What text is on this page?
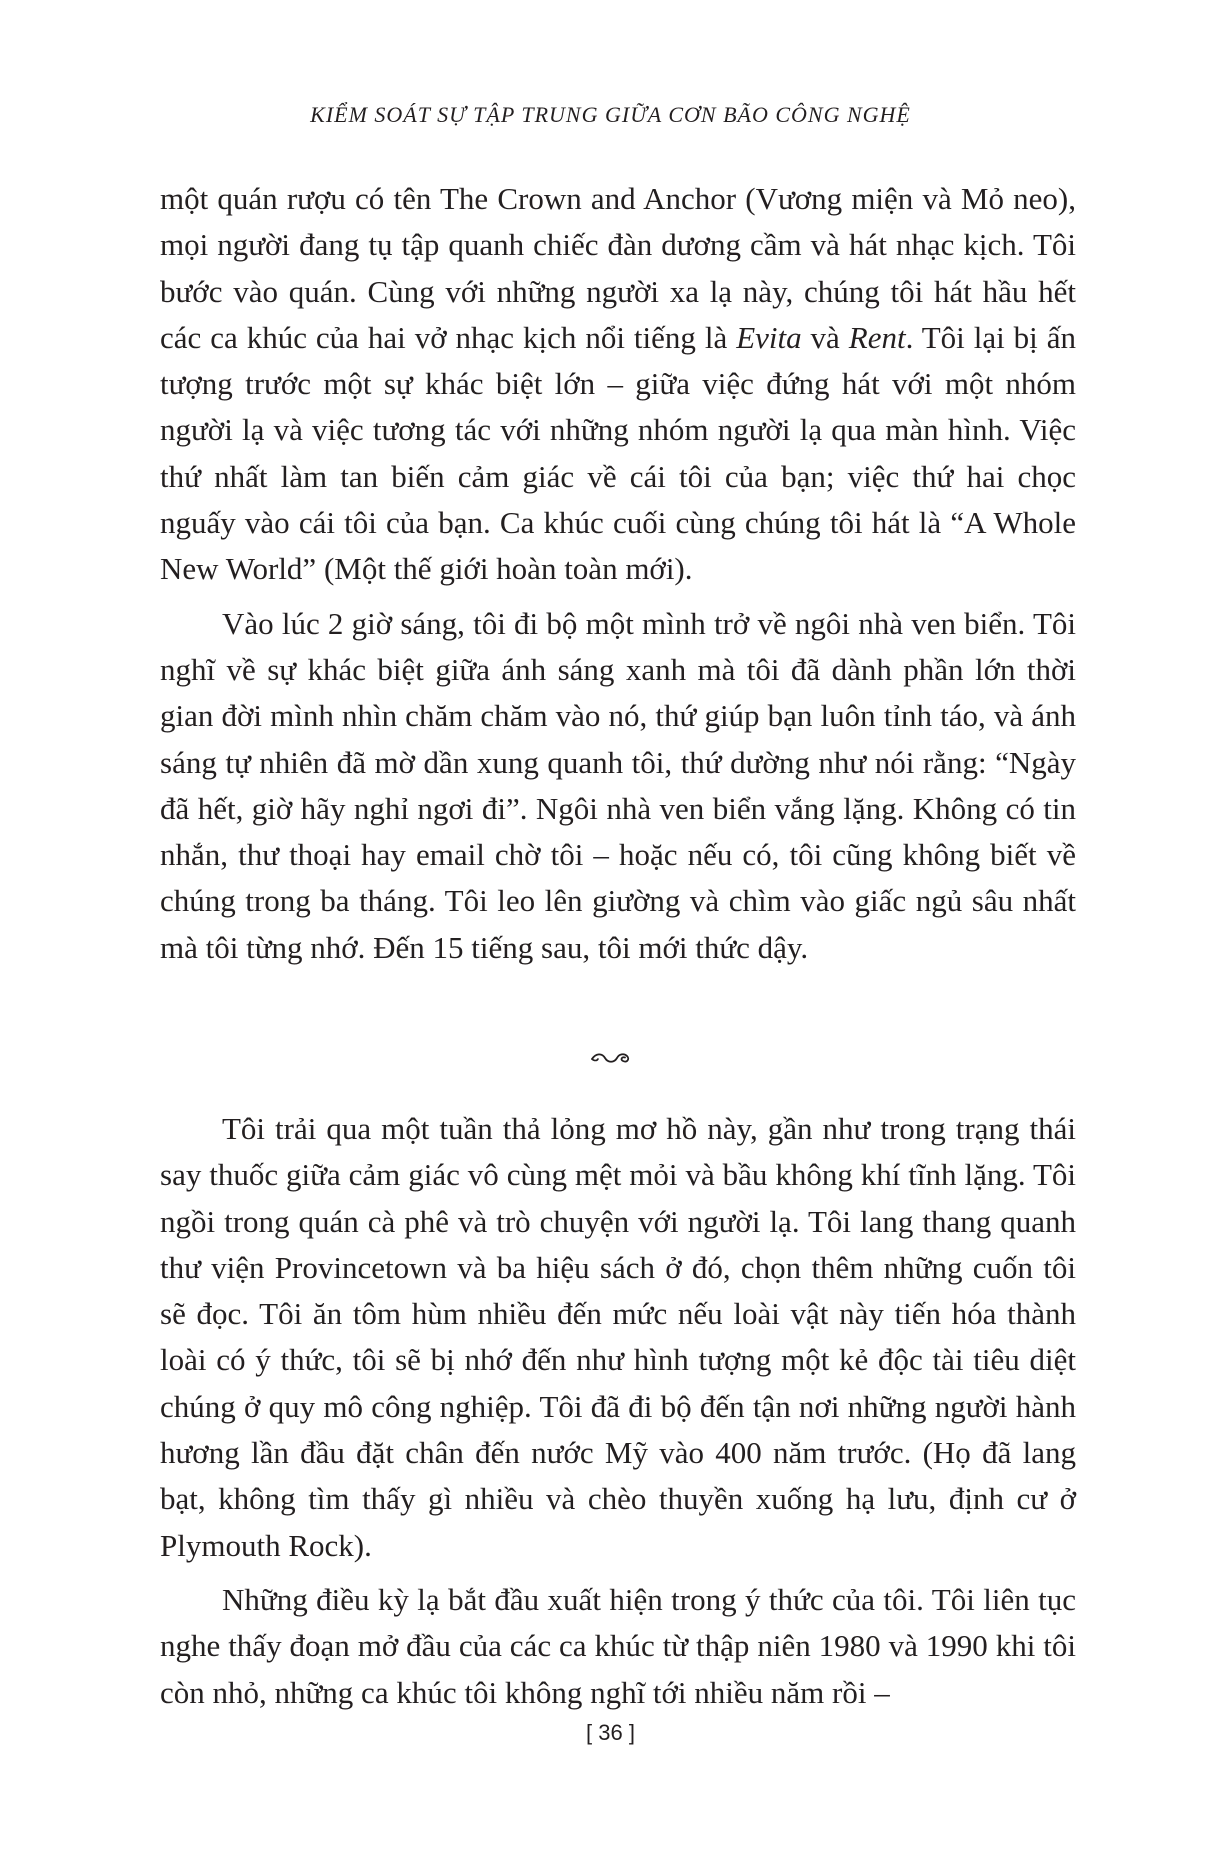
KIỂM SOÁT SỰ TẬP TRUNG GIỮA CƠN BÃO CÔNG NGHỆ

một quán rượu có tên The Crown and Anchor (Vương miện và Mỏ neo), mọi người đang tụ tập quanh chiếc đàn dương cầm và hát nhạc kịch. Tôi bước vào quán. Cùng với những người xa lạ này, chúng tôi hát hầu hết các ca khúc của hai vở nhạc kịch nổi tiếng là Evita và Rent. Tôi lại bị ấn tượng trước một sự khác biệt lớn – giữa việc đứng hát với một nhóm người lạ và việc tương tác với những nhóm người lạ qua màn hình. Việc thứ nhất làm tan biến cảm giác về cái tôi của bạn; việc thứ hai chọc nguấy vào cái tôi của bạn. Ca khúc cuối cùng chúng tôi hát là “A Whole New World” (Một thế giới hoàn toàn mới).

Vào lúc 2 giờ sáng, tôi đi bộ một mình trở về ngôi nhà ven biển. Tôi nghĩ về sự khác biệt giữa ánh sáng xanh mà tôi đã dành phần lớn thời gian đời mình nhìn chăm chăm vào nó, thứ giúp bạn luôn tỉnh táo, và ánh sáng tự nhiên đã mờ dần xung quanh tôi, thứ dường như nói rằng: “Ngày đã hết, giờ hãy nghỉ ngơi đi”. Ngôi nhà ven biển vắng lặng. Không có tin nhắn, thư thoại hay email chờ tôi – hoặc nếu có, tôi cũng không biết về chúng trong ba tháng. Tôi leo lên giường và chìm vào giấc ngủ sâu nhất mà tôi từng nhớ. Đến 15 tiếng sau, tôi mới thức dậy.

Tôi trải qua một tuần thả lỏng mơ hồ này, gần như trong trạng thái say thuốc giữa cảm giác vô cùng mệt mỏi và bầu không khí tĩnh lặng. Tôi ngồi trong quán cà phê và trò chuyện với người lạ. Tôi lang thang quanh thư viện Provincetown và ba hiệu sách ở đó, chọn thêm những cuốn tôi sẽ đọc. Tôi ăn tôm hùm nhiều đến mức nếu loài vật này tiến hóa thành loài có ý thức, tôi sẽ bị nhớ đến như hình tượng một kẻ độc tài tiêu diệt chúng ở quy mô công nghiệp. Tôi đã đi bộ đến tận nơi những người hành hương lần đầu đặt chân đến nước Mỹ vào 400 năm trước. (Họ đã lang bạt, không tìm thấy gì nhiều và chèo thuyền xuống hạ lưu, định cư ở Plymouth Rock).

Những điều kỳ lạ bắt đầu xuất hiện trong ý thức của tôi. Tôi liên tục nghe thấy đoạn mở đầu của các ca khúc từ thập niên 1980 và 1990 khi tôi còn nhỏ, những ca khúc tôi không nghĩ tới nhiều năm rồi –

[ 36 ]
